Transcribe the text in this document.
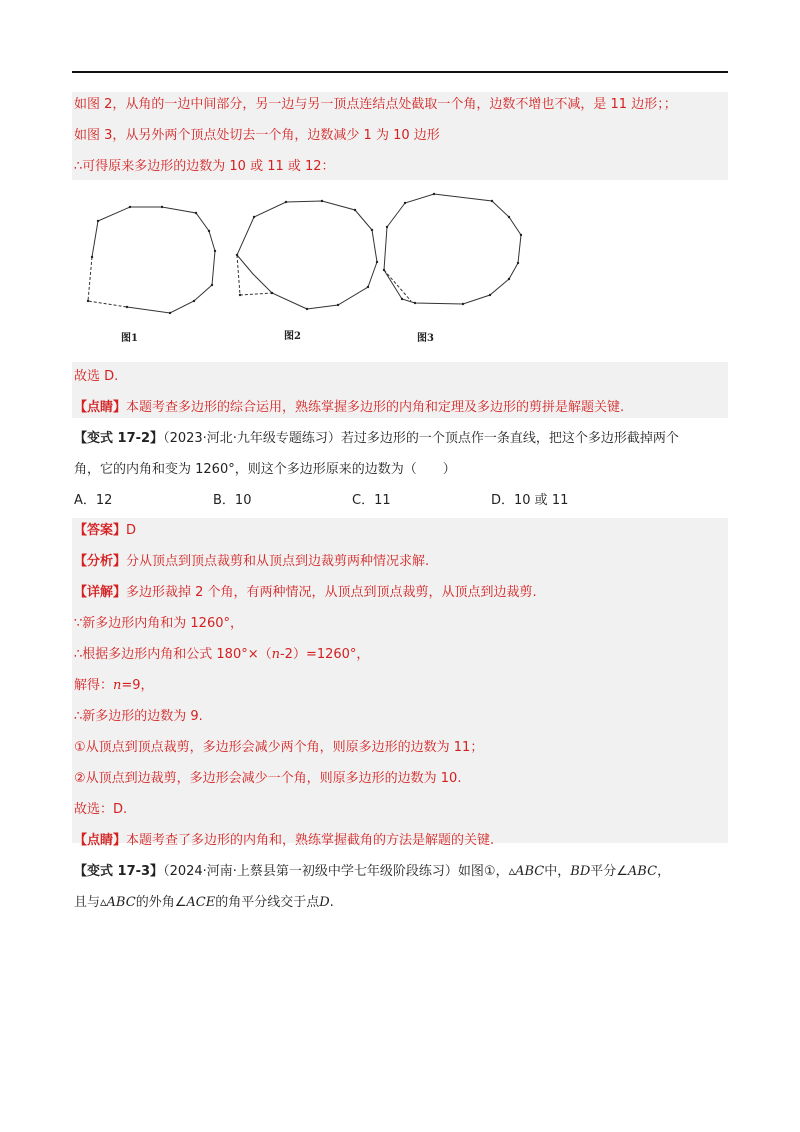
如图 2，从角的一边中间部分，另一边与另一顶点连结点处截取一个角，边数不增也不减，是 11 边形；；
如图 3，从另外两个顶点处切去一个角，边数减少 1 为 10 边形
∴可得原来多边形的边数为 10 或 11 或 12：
图1	图2	图3
故选 D.
【点睛】本题考查多边形的综合运用，熟练掌握多边形的内角和定理及多边形的剪拼是解题关键.
【变式 17-2】（2023·河北·九年级专题练习）若过多边形的一个顶点作一条直线，把这个多边形截掉两个
角，它的内角和变为 1260°，则这个多边形原来的边数为（　　）
A．12	B．10	C．11	D．10 或 11
【答案】D
【分析】分从顶点到顶点裁剪和从顶点到边裁剪两种情况求解.
【详解】多边形裁掉 2 个角，有两种情况，从顶点到顶点裁剪，从顶点到边裁剪.
∵新多边形内角和为 1260°，
∴根据多边形内角和公式 180°×（n-2）=1260°，
解得：n=9，
∴新多边形的边数为 9.
①从顶点到顶点裁剪，多边形会减少两个角，则原多边形的边数为 11；
②从顶点到边裁剪，多边形会减少一个角，则原多边形的边数为 10.
故选：D.
【点睛】本题考查了多边形的内角和，熟练掌握截角的方法是解题的关键.
【变式 17-3】（2024·河南·上蔡县第一初级中学七年级阶段练习）如图①，▵ABC中，BD平分∠ABC，
且与▵ABC的外角∠ACE的角平分线交于点D.
